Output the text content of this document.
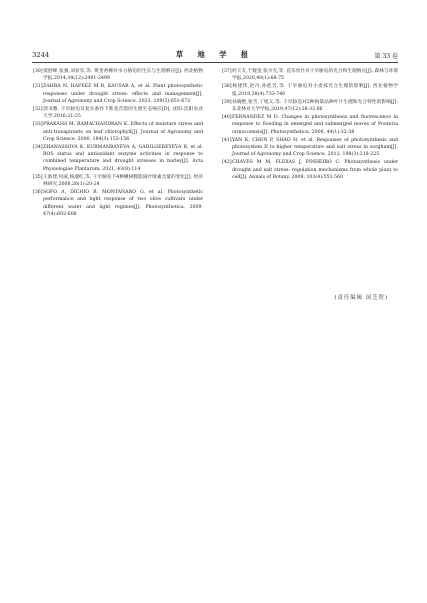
3244	草 地 学 报	第 33 卷

[30]窦舒峰,张强,刘显军,等. 黄金香柳对水分胁迫的生长与生理响应[J]. 西北植物学报,2014,34(12):2491-2499

[31]ZAHRA N, HAFEEZ M B, KAUSAR A, et al. Plant photosynthetic responses under drought stress: effects and management[J]. Journal of Agronomy and Crop Science, 2023, 209(5):651-672

[32]郭书雅. 干旱胁迫及复水条件下紫花苜蓿的生理生态响应[D]. 沈阳:沈阳农业大学,2016:21-25

[33]PRAKASH M, RAMACHANDRAN K. Effects of moisture stress and anti-transpirants on leaf chlorophyll[J]. Journal of Agronomy and Crop Science, 2000, 184(3):153-156

[34]ZHANASSOVA K, KURMANBAYEVA A, GADILGEREYEVA B, et al. ROS status and antioxidant enzyme activities in response to combined temperature and drought stresses in barley[J]. Acta Physiologiae Plantarum, 2021, 43(8):114

[35]王新建,何威,杨淑红,等. 干旱胁迫下4种楸树膜脂质叶绿素含量的变化[J]. 经济林研究,2008,26(1):20-24

[36]SOFO A, DICHIO B, MONTANARO G, et al. Photosynthetic performance and light response of two olive cultivars under different water and light regimes[J]. Photosynthetica, 2009, 47(4):602-608

[37]何天友,于嫚金,张少光,等. 花乐丝竹对干旱胁迫的光合和生理响应[J]. 森林与环境学报,2020,40(1):68-75

[38]杨建伟,赵丹,孙桂芳,等. 干旱胁迫对小麦抹光合生理的影响[J]. 西北植物学报,2018,38(4):733-740

[39]孙晓艳,张雪,丁旭义,等. 干旱胁迫对2种海棠品种叶片生理和光合特性的影响[J]. 东北林业大学学报,2019,47(12):28-32,66

[40]FERNANDEZ M D. Changes in photosynthesis and fluorescence in response to flooding in emerged and submerged leaves of Pouteria orinocoensis[J]. Photosynthetica, 2006, 44(1):32-38

[41]YAN K, CHEN P, SHAO H, et al. Responses of photosynthesis and photosystem II to higher temperature and salt stress in sorghum[J]. Journal of Agronomy and Crop Science, 2012, 198(3):218-225

[42]CHAVES M M, FLEXAS J, PINHEIRO C. Photosynthesis under drought and salt stress: regulation mechanisms from whole plant to cell[J]. Annals of Botany, 2009, 103(4):551-560

(责任编辑 闵芝智)
